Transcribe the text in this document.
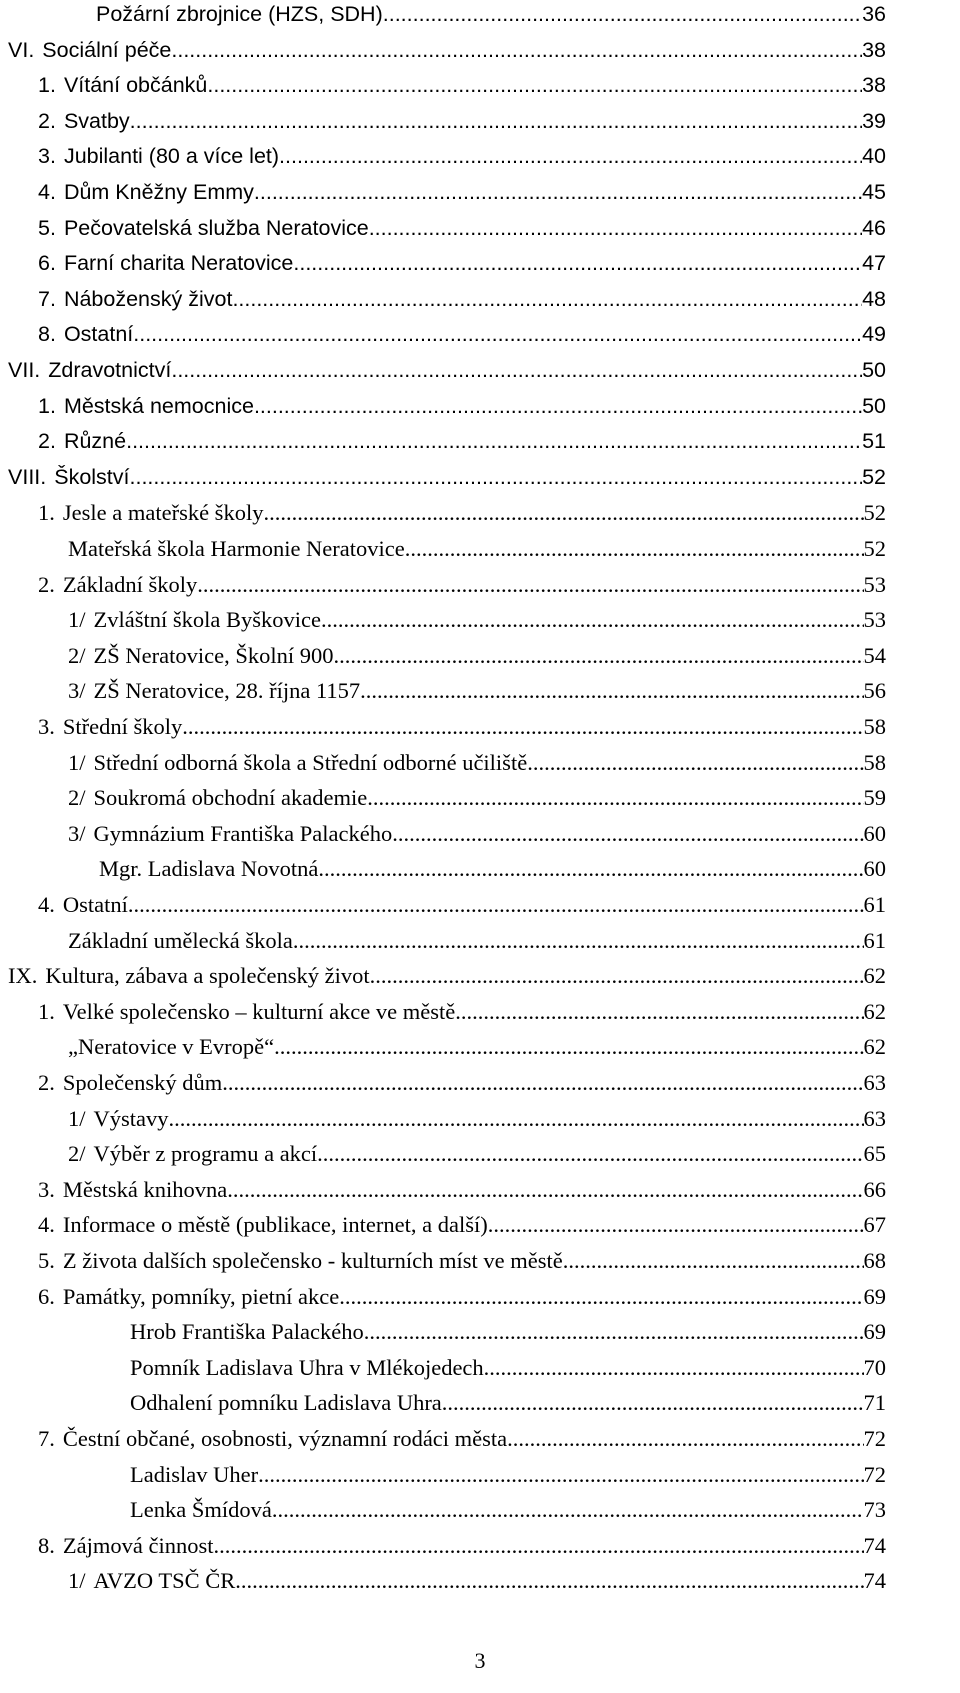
Požární zbrojnice (HZS, SDH) .....	36
VI. Sociální péče .....	38
1. Vítání občánků .....	38
2. Svatby .....	39
3. Jubilanti (80 a více let) .....	40
4. Dům Kněžny Emmy .....	45
5. Pečovatelská služba Neratovice .....	46
6. Farní charita Neratovice .....	47
7. Náboženský život .....	48
8. Ostatní .....	49
VII. Zdravotnictví .....	50
1. Městská nemocnice .....	50
2. Různé .....	51
VIII. Školství .....	52
1. Jesle a mateřské školy .....	52
Mateřská škola Harmonie Neratovice .....	52
2. Základní školy .....	53
1/ Zvláštní škola Byškovice .....	53
2/ ZŠ Neratovice, Školní 900 .....	54
3/ ZŠ Neratovice, 28. října 1157 .....	56
3. Střední školy .....	58
1/ Střední odborná škola a Střední odborné učiliště .....	58
2/ Soukromá obchodní akademie .....	59
3/ Gymnázium Františka Palackého .....	60
Mgr. Ladislava Novotná .....	60
4. Ostatní .....	61
Základní umělecká škola .....	61
IX. Kultura, zábava a společenský život .....	62
1. Velké společensko – kulturní akce ve městě .....	62
„Neratovice v Evropě“ .....	62
2. Společenský dům .....	63
1/ Výstavy .....	63
2/ Výběr z programu a akcí .....	65
3. Městská knihovna .....	66
4. Informace o městě (publikace, internet, a další) .....	67
5. Z života dalších společensko - kulturních míst ve městě .....	68
6. Památky, pomníky, pietní akce .....	69
Hrob Františka Palackého .....	69
Pomník Ladislava Uhra v Mlékojedech .....	70
Odhalení pomníku Ladislava Uhra .....	71
7. Čestní občané, osobnosti, významní rodáci města .....	72
Ladislav Uher .....	72
Lenka Šmídová .....	73
8. Zájmová činnost .....	74
1/ AVZO TSČ ČR .....	74
3
